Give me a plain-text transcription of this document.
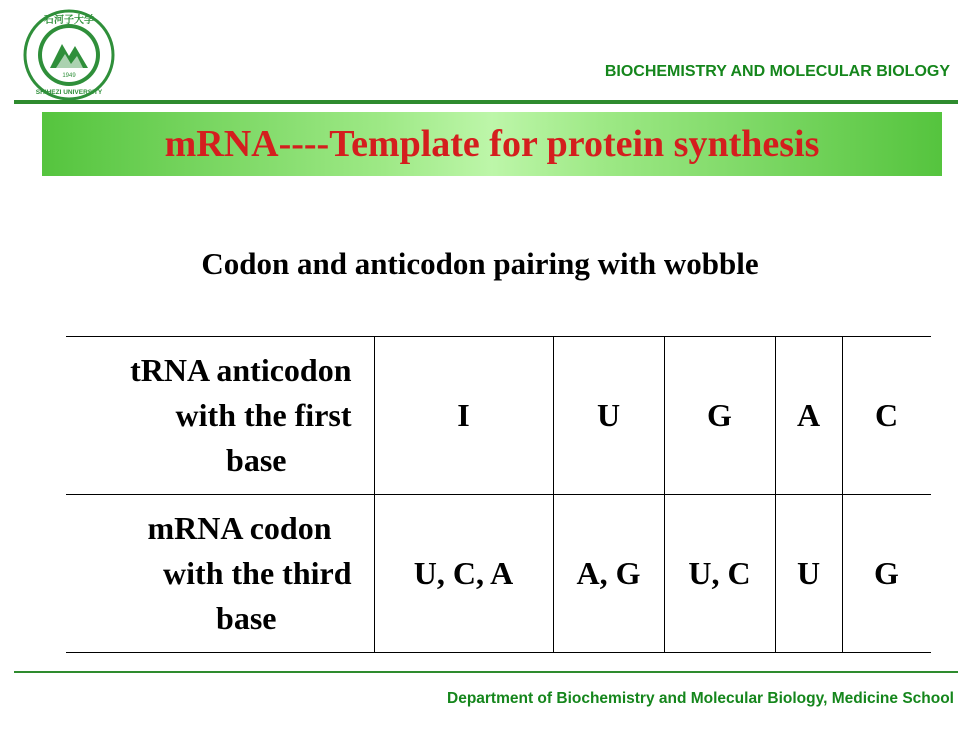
1949
石河子大学
SHIHEZI UNIVERSITY
BIOCHEMISTRY AND MOLECULAR BIOLOGY
mRNA----Template for protein synthesis
Codon and anticodon pairing with wobble
tRNA anticodon
with the first
base	I	U	G	A	C

mRNA codon
with the third
base	U, C, A	A, G	U, C	U	G
Department of Biochemistry and Molecular Biology, Medicine School
